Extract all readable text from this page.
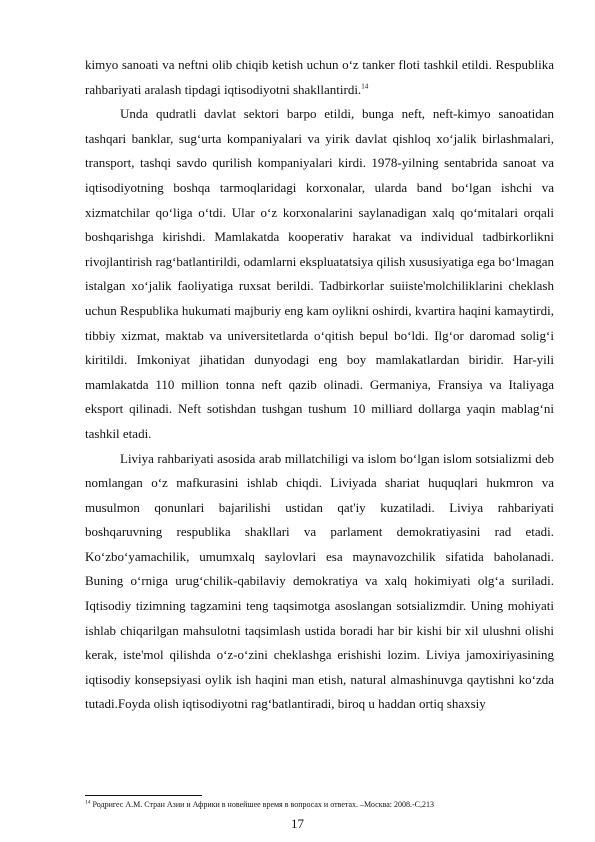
kimyo sanoati va neftni olib chiqib ketish uchun o‘z tanker floti tashkil etildi. Respublika rahbariyati aralash tipdagi iqtisodiyotni shakllantirdi.$^{14}$

Unda qudratli davlat sektori barpo etildi, bunga neft, neft-kimyo sanoatidan tashqari banklar, sug‘urta kompaniyalari va yirik davlat qishloq xo‘jalik birlashmalari, transport, tashqi savdo qurilish kompaniyalari kirdi. 1978-yilning sentabrida sanoat va iqtisodiyotning boshqa tarmoqlaridagi korxonalar, ularda band bo‘lgan ishchi va xizmatchilar qo‘liga o‘tdi. Ular o‘z korxonalarini saylanadigan xalq qo‘mitalari orqali boshqarishga kirishdi. Mamlakatda kooperativ harakat va individual tadbirkorlikni rivojlantirish rag‘batlantirildi, odamlarni ekspluatatsiya qilish xususiyatiga ega bo‘lmagan istalgan xo‘jalik faoliyatiga ruxsat berildi. Tadbirkorlar suiiste'molchiliklarini cheklash uchun Respublika hukumati majburiy eng kam oylikni oshirdi, kvartira haqini kamaytirdi, tibbiy xizmat, maktab va universitetlarda o‘qitish bepul bo‘ldi. Ilg‘or daromad solig‘i kiritildi. Imkoniyat jihatidan dunyodagi eng boy mamlakatlardan biridir. Har-yili mamlakatda 110 million tonna neft qazib olinadi. Germaniya, Fransiya va Italiyaga eksport qilinadi. Neft sotishdan tushgan tushum 10 milliard dollarga yaqin mablag‘ni tashkil etadi.

Liviya rahbariyati asosida arab millatchiligi va islom bo‘lgan islom sotsializmi deb nomlangan o‘z mafkurasini ishlab chiqdi. Liviyada shariat huquqlari hukmron va musulmon qonunlari bajarilishi ustidan qat'iy kuzatiladi. Liviya rahbariyati boshqaruvning respublika shakllari va parlament demokratiyasini rad etadi. Ko‘zbo‘yamachilik, umumxalq saylovlari esa maynavozchilik sifatida baholanadi. Buning o‘rniga urug‘chilik-qabilaviy demokratiya va xalq hokimiyati olg‘a suriladi. Iqtisodiy tizimning tagzamini teng taqsimotga asoslangan sotsializmdir. Uning mohiyati ishlab chiqarilgan mahsulotni taqsimlash ustida boradi har bir kishi bir xil ulushni olishi kerak, iste'mol qilishda o‘z-o‘zini cheklashga erishishi lozim. Liviya jamoxiriyasining iqtisodiy konsepsiyasi oylik ish haqini man etish, natural almashinuvga qaytishni ko‘zda tutadi.Foyda olish iqtisodiyotni rag‘batlantiradi, biroq u haddan ortiq shaxsiy

$^{14}$ Родригес А.М. Стран Азии и Африки в новейшее время в вопросах и ответах. –Москва: 2008.-С,213
17
